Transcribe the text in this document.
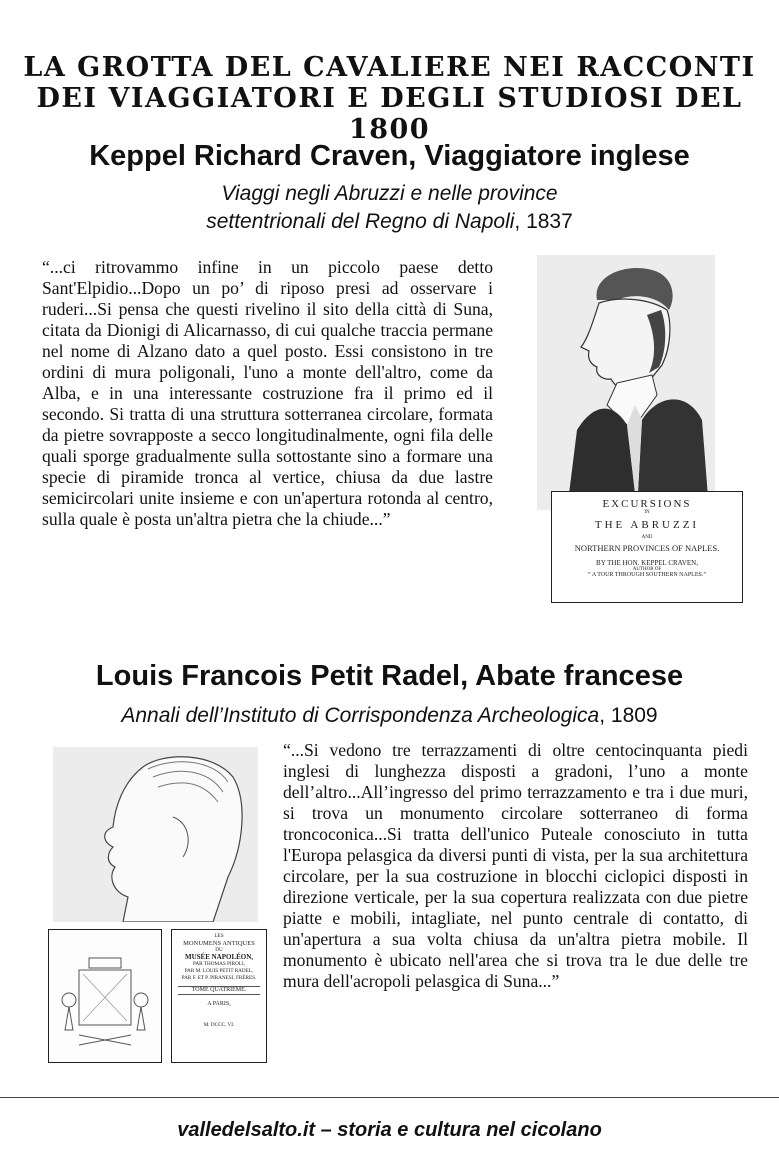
LA GROTTA DEL CAVALIERE NEI RACCONTI
DEI VIAGGIATORI E DEGLI STUDIOSI DEL 1800
Keppel Richard Craven, Viaggiatore inglese
Viaggi negli Abruzzi e nelle province
settentrionali del Regno di Napoli, 1837
“...ci ritrovammo infine in un piccolo paese detto Sant'Elpidio...Dopo un po’ di riposo presi ad osservare i ruderi...Si pensa che questi rivelino il sito della città di Suna, citata da Dionigi di Alicarnasso, di cui qualche traccia permane nel nome di Alzano dato a quel posto. Essi consistono in tre ordini di mura poligonali, l'uno a monte dell'altro, come da Alba, e in una interessante costruzione fra il primo ed il secondo. Si tratta di una struttura sotterranea circolare, formata da pietre sovrapposte a secco longitudinalmente, ogni fila delle quali sporge gradualmente sulla sottostante sino a formare una specie di piramide tronca al vertice, chiusa da due lastre semicircolari unite insieme e con un'apertura rotonda al centro, sulla quale è posta un'altra pietra che la chiude...”
EXCURSIONS
IN
THE ABRUZZI
AND
NORTHERN PROVINCES OF NAPLES.
BY THE HON. KEPPEL CRAVEN,
AUTHOR OF
“ A TOUR THROUGH SOUTHERN NAPLES.”
Louis Francois Petit Radel, Abate francese
Annali dell’Instituto di Corrispondenza Archeologica, 1809
LES
MONUMENS ANTIQUES
DU
MUSÉE NAPOLÉON,
PAR THOMAS PIROLI,
PAR M. LOUIS PETIT RADEL,
PAR F. ET P. PIRANESI, FRÈRES.
TOME QUATRIEME.
A PARIS,
M. DCCC. VI.
“...Si vedono tre terrazzamenti di oltre centocinquanta piedi inglesi di lunghezza disposti a gradoni, l’uno a monte dell’altro...All’ingresso del primo terrazzamento e tra i due muri, si trova un monumento circolare sotterraneo di forma troncoconica...Si tratta dell'unico Puteale conosciuto in tutta l'Europa pelasgica da diversi punti di vista, per la sua architettura circolare, per la sua costruzione in blocchi ciclopici disposti in direzione verticale, per la sua copertura realizzata con due pietre piatte e mobili, intagliate, nel punto centrale di contatto, di un'apertura a sua volta chiusa da un'altra pietra mobile. Il monumento è ubicato nell'area che si trova tra le due delle tre mura dell'acropoli pelasgica di Suna...”
valledelsalto.it – storia e cultura nel cicolano
